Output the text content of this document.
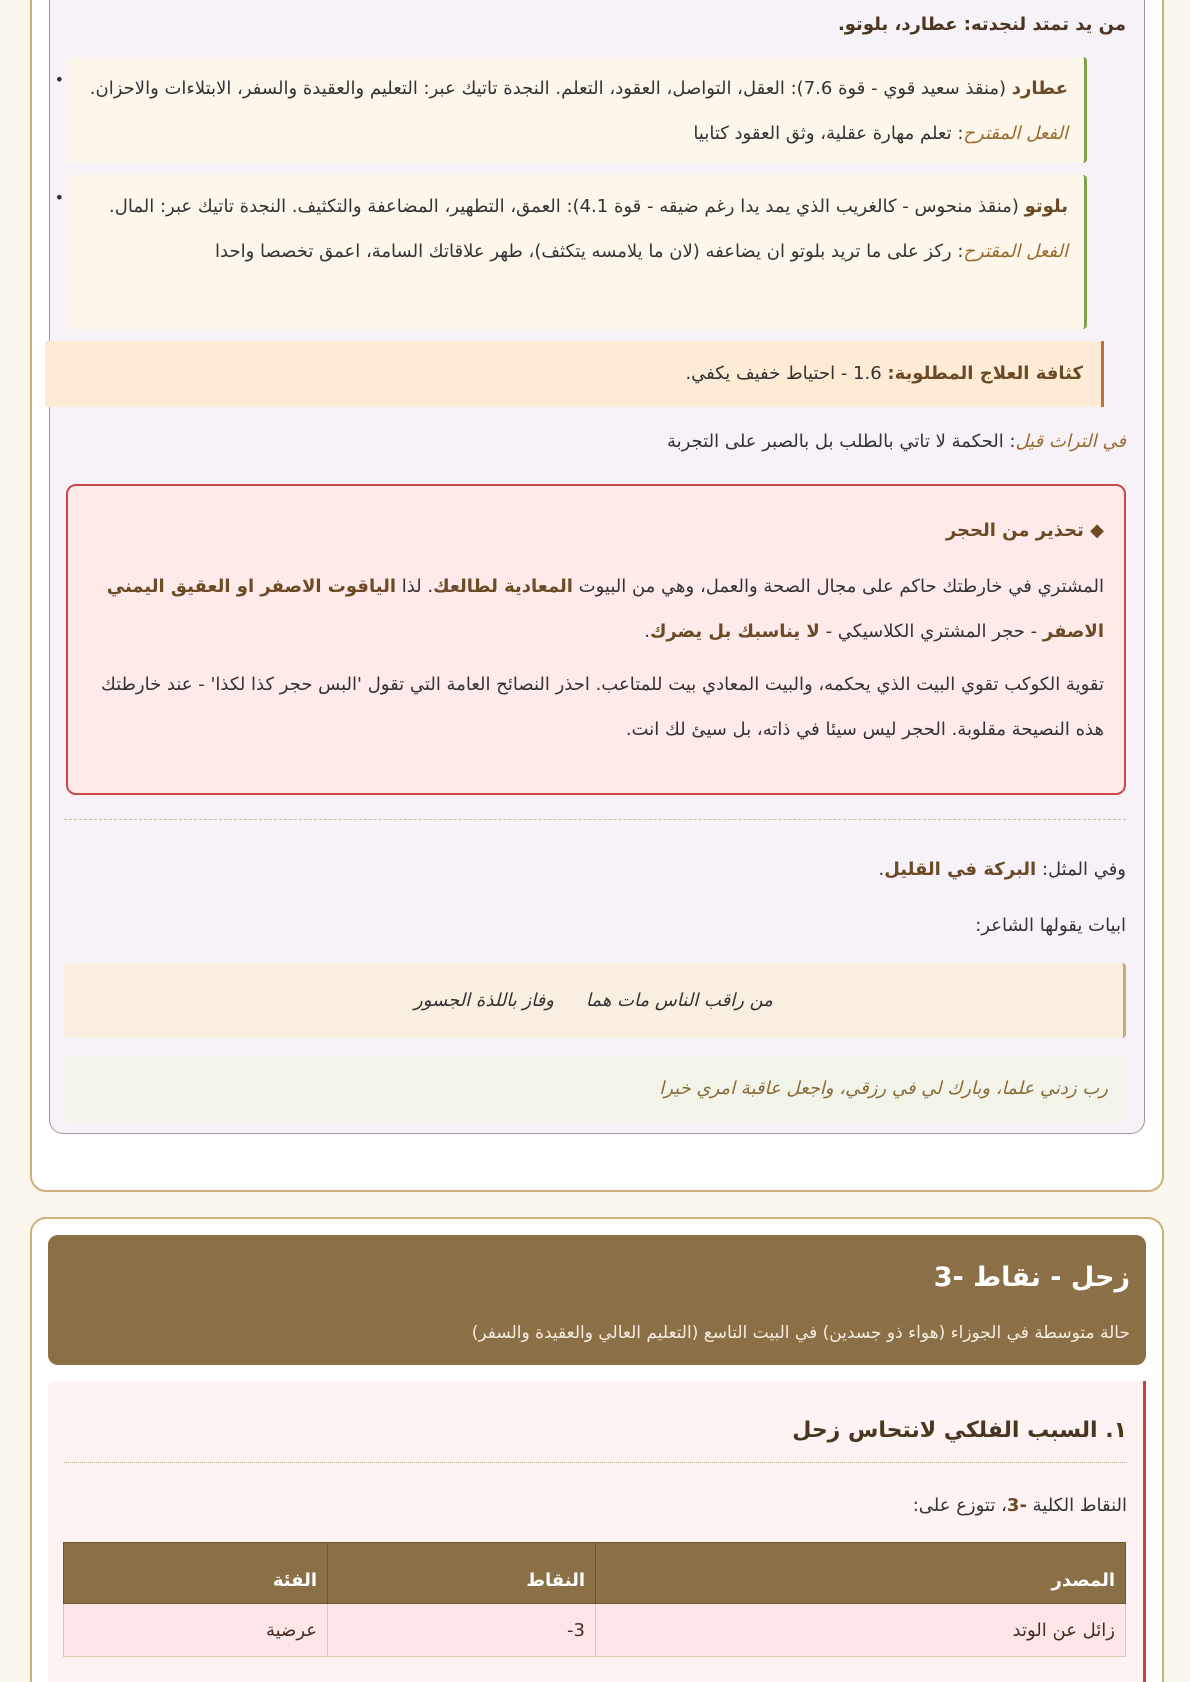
من يد تمتد لنجدته: عطارد، بلوتو.
•	عطارد (منقذ سعيد قوي - قوة 7.6): العقل، التواصل، العقود، التعلم. النجدة تاتيك عبر: التعليم والعقيدة والسفر، الابتلاءات والاحزان. الفعل المقترح: تعلم مهارة عقلية، وثق العقود كتابيا
•	بلوتو (منقذ منحوس - كالغريب الذي يمد يدا رغم ضيقه - قوة 4.1): العمق، التطهير، المضاعفة والتكثيف. النجدة تاتيك عبر: المال. الفعل المقترح: ركز على ما تريد بلوتو ان يضاعفه (لان ما يلامسه يتكثف)، طهر علاقاتك السامة، اعمق تخصصا واحدا
كثافة العلاج المطلوبة: 1.6 - احتياط خفيف يكفي.
في التراث قيل: الحكمة لا تاتي بالطلب بل بالصبر على التجربة
◆ تحذير من الحجر

المشتري في خارطتك حاكم على مجال الصحة والعمل، وهي من البيوت المعادية لطالعك. لذا الياقوت الاصفر او العقيق اليمني الاصفر - حجر المشتري الكلاسيكي - لا يناسبك بل يضرك.

تقوية الكوكب تقوي البيت الذي يحكمه، والبيت المعادي بيت للمتاعب. احذر النصائح العامة التي تقول 'البس حجر كذا لكذا' - عند خارطتك هذه النصيحة مقلوبة. الحجر ليس سيئا في ذاته، بل سيئ لك انت.

وفي المثل: البركة في القليل.
ابيات يقولها الشاعر:
من راقب الناس مات هماوفاز باللذة الجسور
رب زدني علما، وبارك لي في رزقي، واجعل عاقبة امري خيرا
زحل - نقاط -3
حالة متوسطة في الجوزاء (هواء ذو جسدين) في البيت التاسع (التعليم العالي والعقيدة والسفر)
١. السبب الفلكي لانتحاس زحل
النقاط الكلية -3، تتوزع على:
المصدر	النقاط	الفئة
زائل عن الوتد	-3	عرضية
